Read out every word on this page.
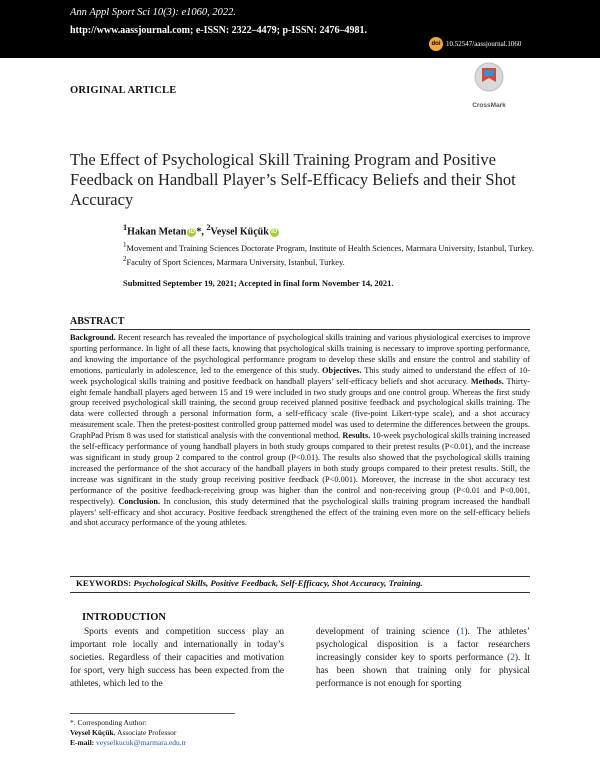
Ann Appl Sport Sci 10(3): e1060, 2022.
http://www.aassjournal.com; e-ISSN: 2322–4479; p-ISSN: 2476–4981.
doi 10.52547/aassjournal.1060
ORIGINAL ARTICLE
CrossMark
The Effect of Psychological Skill Training Program and Positive Feedback on Handball Player’s Self-Efficacy Beliefs and their Shot Accuracy
$^1$Hakan Metan iD *, $^2$Veysel Küçük iD
$^1$Movement and Training Sciences Doctorate Program, Institute of Health Sciences, Marmara University, Istanbul, Turkey. $^2$Faculty of Sport Sciences, Marmara University, Istanbul, Turkey.
Submitted September 19, 2021; Accepted in final form November 14, 2021.
ABSTRACT
Background. Recent research has revealed the importance of psychological skills training and various physiological exercises to improve sporting performance. In light of all these facts, knowing that psychological skills training is necessary to improve sporting performance, and knowing the importance of the psychological performance program to develop these skills and ensure the control and stability of emotions, particularly in adolescence, led to the emergence of this study. Objectives. This study aimed to understand the effect of 10-week psychological skills training and positive feedback on handball players’ self-efficacy beliefs and shot accuracy. Methods. Thirty-eight female handball players aged between 15 and 19 were included in two study groups and one control group. Whereas the first study group received psychological skill training, the second group received planned positive feedback and psychological skills training. The data were collected through a personal information form, a self-efficacy scale (five-point Likert-type scale), and a shot accuracy measurement scale. Then the pretest-posttest controlled group patterned model was used to determine the differences between the groups. GraphPad Prism 8 was used for statistical analysis with the conventional method. Results. 10-week psychological skills training increased the self-efficacy performance of young handball players in both study groups compared to their pretest results (P<0.01), and the increase was significant in study group 2 compared to the control group (P<0.01). The results also showed that the psychological skills training increased the performance of the shot accuracy of the handball players in both study groups compared to their pretest results. Still, the increase was significant in the study group receiving positive feedback (P<0.001). Moreover, the increase in the shot accuracy test performance of the positive feedback-receiving group was higher than the control and non-receiving group (P<0.01 and P<0.001, respectively). Conclusion. In conclusion, this study determined that the psychological skills training program increased the handball players’ self-efficacy and shot accuracy. Positive feedback strengthened the effect of the training even more on the self-efficacy beliefs and shot accuracy performance of the young athletes.
KEYWORDS: Psychological Skills, Positive Feedback, Self-Efficacy, Shot Accuracy, Training.
INTRODUCTION
Sports events and competition success play an important role locally and internationally in today’s societies. Regardless of their capacities and motivation for sport, very high success has been expected from the athletes, which led to the
development of training science (1). The athletes’ psychological disposition is a factor researchers increasingly consider key to sports performance (2). It has been shown that training only for physical performance is not enough for sporting
*. Corresponding Author:
Veysel Küçük, Associate Professor
E-mail: veyselkucuk@marmara.edu.tr
